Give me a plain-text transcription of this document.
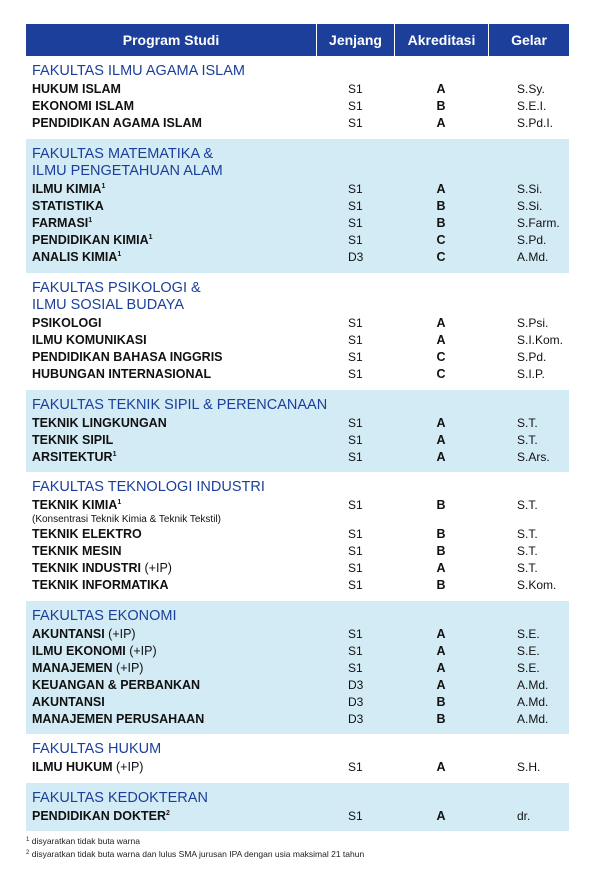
Program Studi	Jenjang	Akreditasi	Gelar
FAKULTAS ILMU AGAMA ISLAM
HUKUM ISLAM	S1	A	S.Sy.
EKONOMI ISLAM	S1	B	S.E.I.
PENDIDIKAN AGAMA ISLAM	S1	A	S.Pd.I.
FAKULTAS MATEMATIKA &
ILMU PENGETAHUAN ALAM
ILMU KIMIA$^1$	S1	A	S.Si.
STATISTIKA	S1	B	S.Si.
FARMASI$^1$	S1	B	S.Farm.
PENDIDIKAN KIMIA$^1$	S1	C	S.Pd.
ANALIS KIMIA$^1$	D3	C	A.Md.
FAKULTAS PSIKOLOGI &
ILMU SOSIAL BUDAYA
PSIKOLOGI	S1	A	S.Psi.
ILMU KOMUNIKASI	S1	A	S.I.Kom.
PENDIDIKAN BAHASA INGGRIS	S1	C	S.Pd.
HUBUNGAN INTERNASIONAL	S1	C	S.I.P.
FAKULTAS TEKNIK SIPIL & PERENCANAAN
TEKNIK LINGKUNGAN	S1	A	S.T.
TEKNIK SIPIL	S1	A	S.T.
ARSITEKTUR$^1$	S1	A	S.Ars.
FAKULTAS TEKNOLOGI INDUSTRI
TEKNIK KIMIA$^1$	S1	B	S.T.
(Konsentrasi Teknik Kimia & Teknik Tekstil)
TEKNIK ELEKTRO	S1	B	S.T.
TEKNIK MESIN	S1	B	S.T.
TEKNIK INDUSTRI (+IP)	S1	A	S.T.
TEKNIK INFORMATIKA	S1	B	S.Kom.
FAKULTAS EKONOMI
AKUNTANSI (+IP)	S1	A	S.E.
ILMU EKONOMI (+IP)	S1	A	S.E.
MANAJEMEN (+IP)	S1	A	S.E.
KEUANGAN & PERBANKAN	D3	A	A.Md.
AKUNTANSI	D3	B	A.Md.
MANAJEMEN PERUSAHAAN	D3	B	A.Md.
FAKULTAS HUKUM
ILMU HUKUM (+IP)	S1	A	S.H.
FAKULTAS KEDOKTERAN
PENDIDIKAN DOKTER$^2$	S1	A	dr.
$^1$ disyaratkan tidak buta warna
$^2$ disyaratkan tidak buta warna dan lulus SMA jurusan IPA dengan usia maksimal 21 tahun
